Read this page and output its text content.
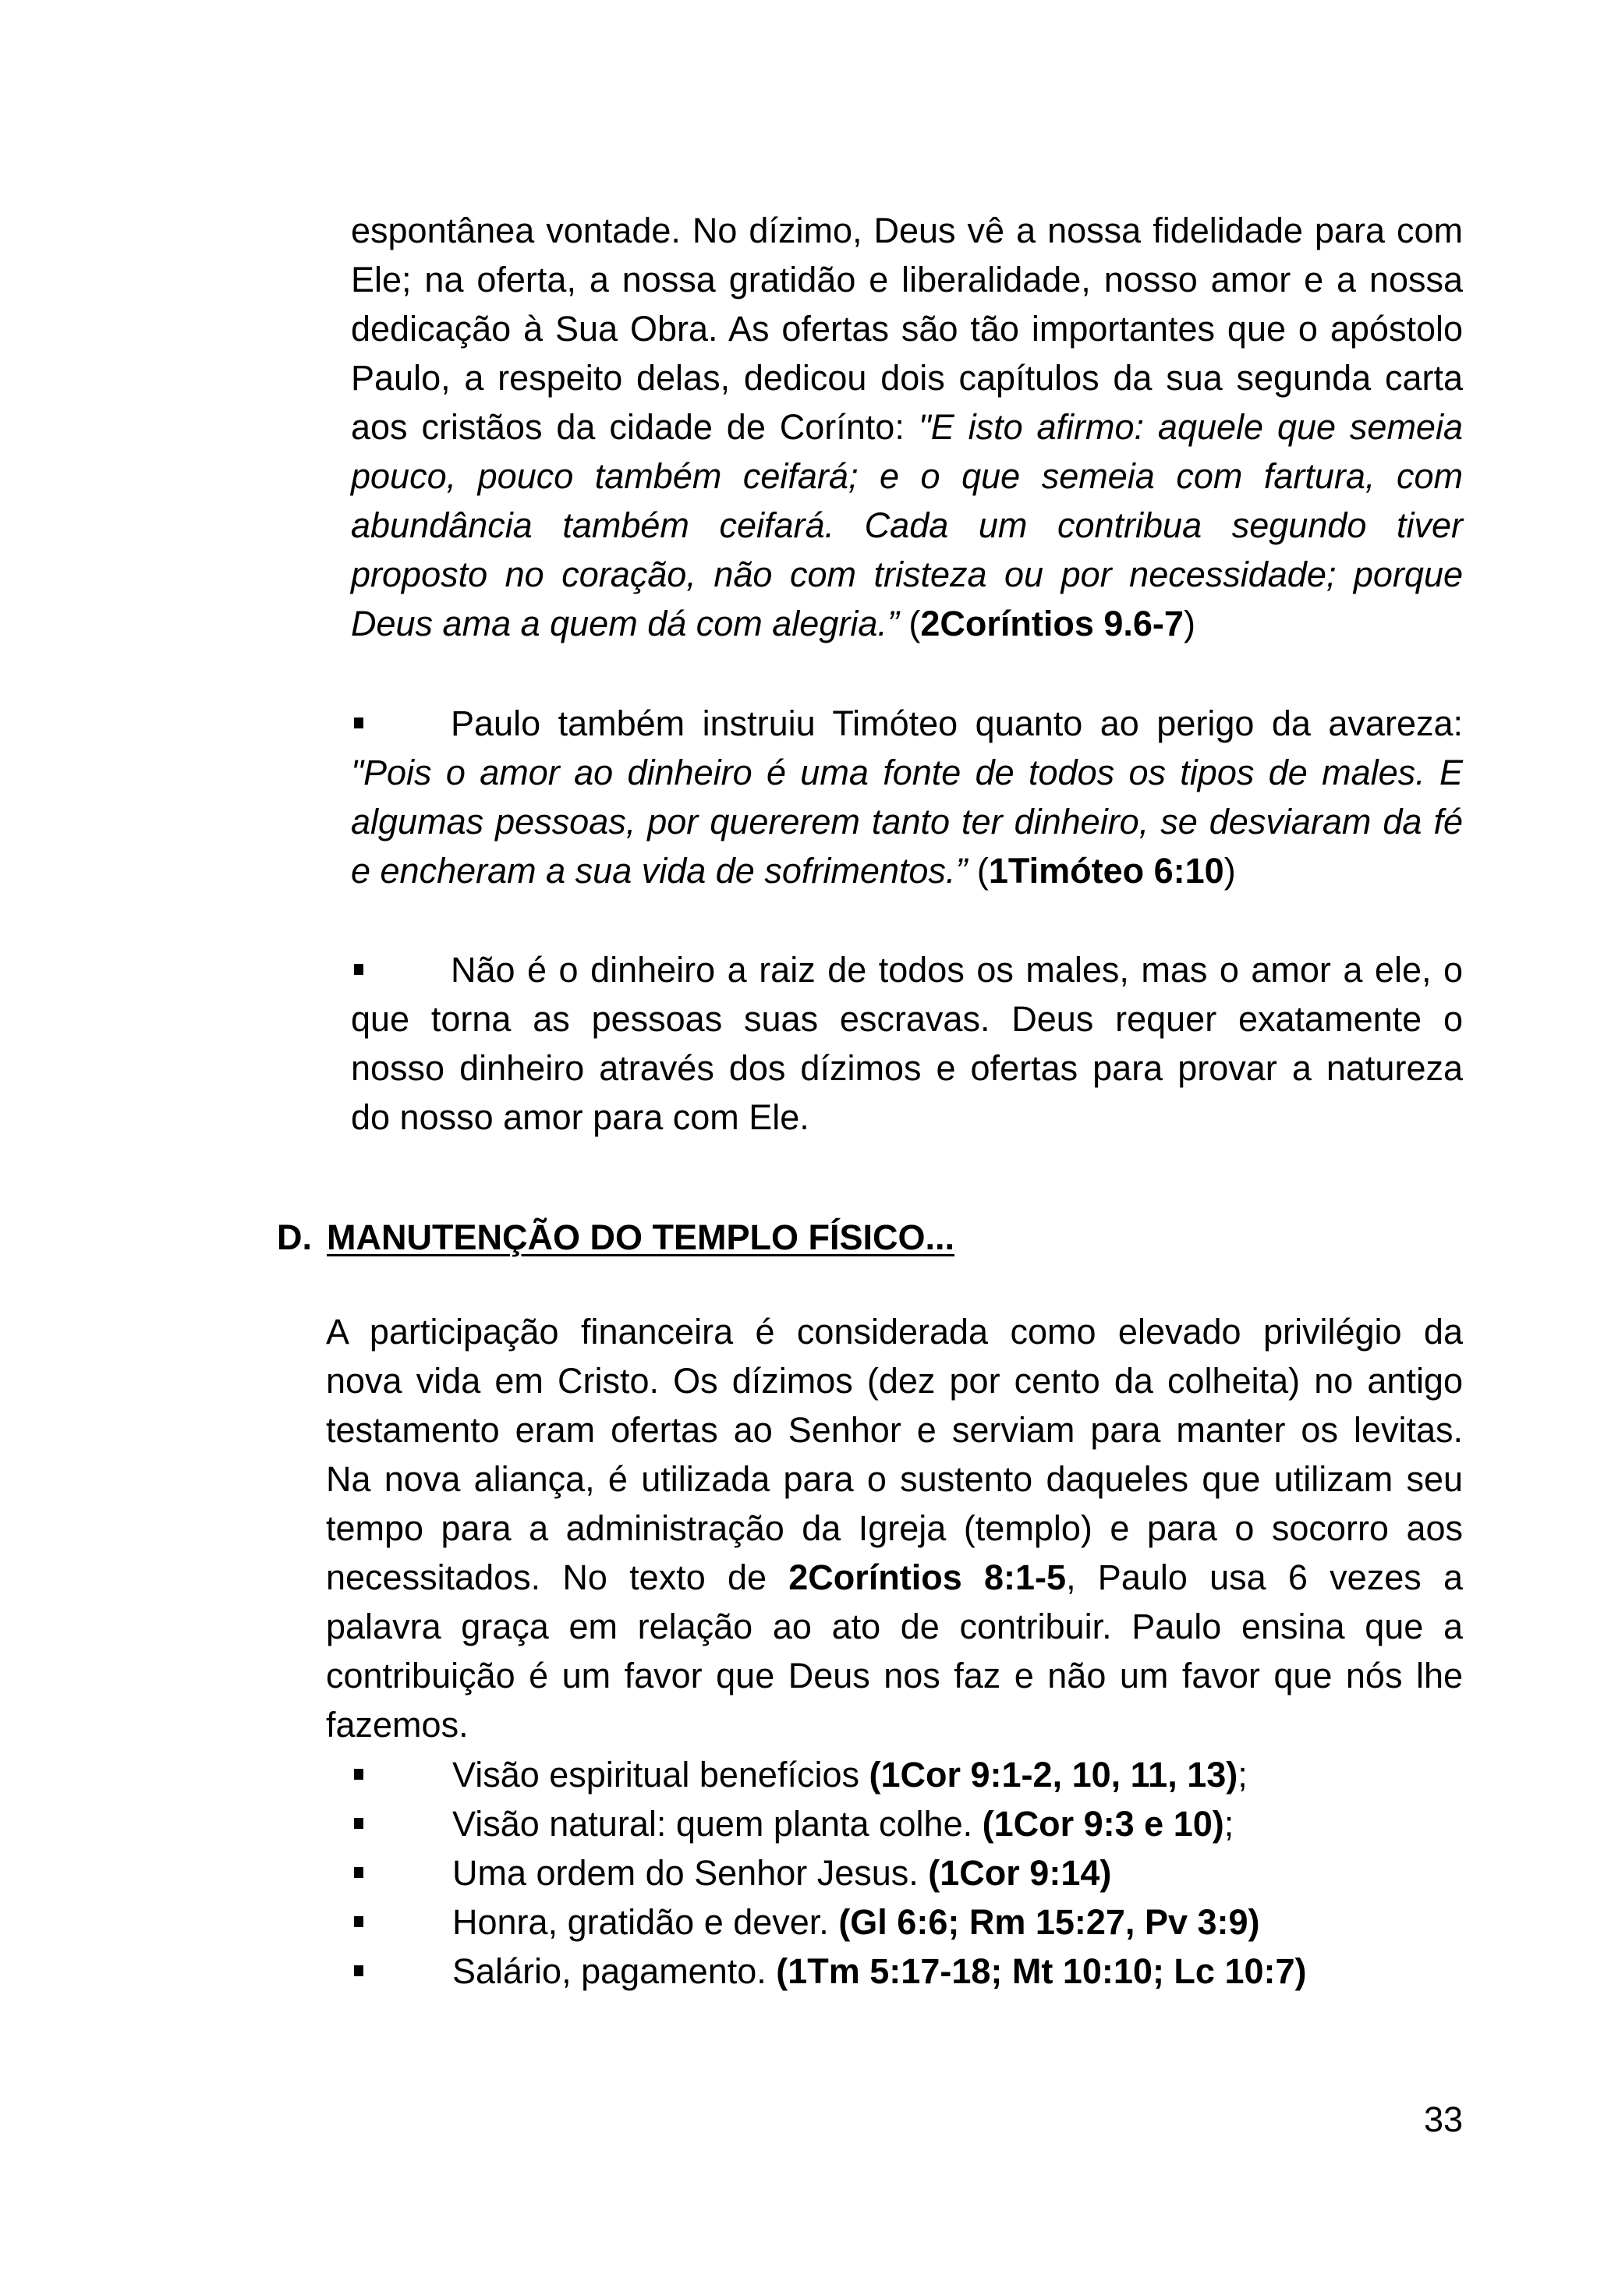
espontânea vontade. No dízimo, Deus vê a nossa fidelidade para com
Ele; na oferta, a nossa gratidão e liberalidade, nosso amor e a nossa
dedicação à Sua Obra. As ofertas são tão importantes que o apóstolo
Paulo, a respeito delas, dedicou dois capítulos da sua segunda carta
aos cristãos da cidade de Corínto: "E isto afirmo: aquele que semeia
pouco, pouco também ceifará; e o que semeia com fartura, com
abundância também ceifará. Cada um contribua segundo tiver
proposto no coração, não com tristeza ou por necessidade; porque
Deus ama a quem dá com alegria.” (2Coríntios 9.6-7)
Paulo também instruiu Timóteo quanto ao perigo da avareza:
"Pois o amor ao dinheiro é uma fonte de todos os tipos de males. E
algumas pessoas, por quererem tanto ter dinheiro, se desviaram da fé
e encheram a sua vida de sofrimentos.” (1Timóteo 6:10)
Não é o dinheiro a raiz de todos os males, mas o amor a ele, o
que torna as pessoas suas escravas. Deus requer exatamente o
nosso dinheiro através dos dízimos e ofertas para provar a natureza
do nosso amor para com Ele.
D. MANUTENÇÃO DO TEMPLO FÍSICO...
A participação financeira é considerada como elevado privilégio da
nova vida em Cristo. Os dízimos (dez por cento da colheita) no antigo
testamento eram ofertas ao Senhor e serviam para manter os levitas.
Na nova aliança, é utilizada para o sustento daqueles que utilizam seu
tempo para a administração da Igreja (templo) e para o socorro aos
necessitados. No texto de 2Coríntios 8:1-5, Paulo usa 6 vezes a
palavra graça em relação ao ato de contribuir. Paulo ensina que a
contribuição é um favor que Deus nos faz e não um favor que nós lhe
fazemos.
Visão espiritual benefícios (1Cor 9:1-2, 10, 11, 13);
Visão natural: quem planta colhe. (1Cor 9:3 e 10);
Uma ordem do Senhor Jesus. (1Cor 9:14)
Honra, gratidão e dever. (Gl 6:6; Rm 15:27, Pv 3:9)
Salário, pagamento. (1Tm 5:17-18; Mt 10:10; Lc 10:7)
33
